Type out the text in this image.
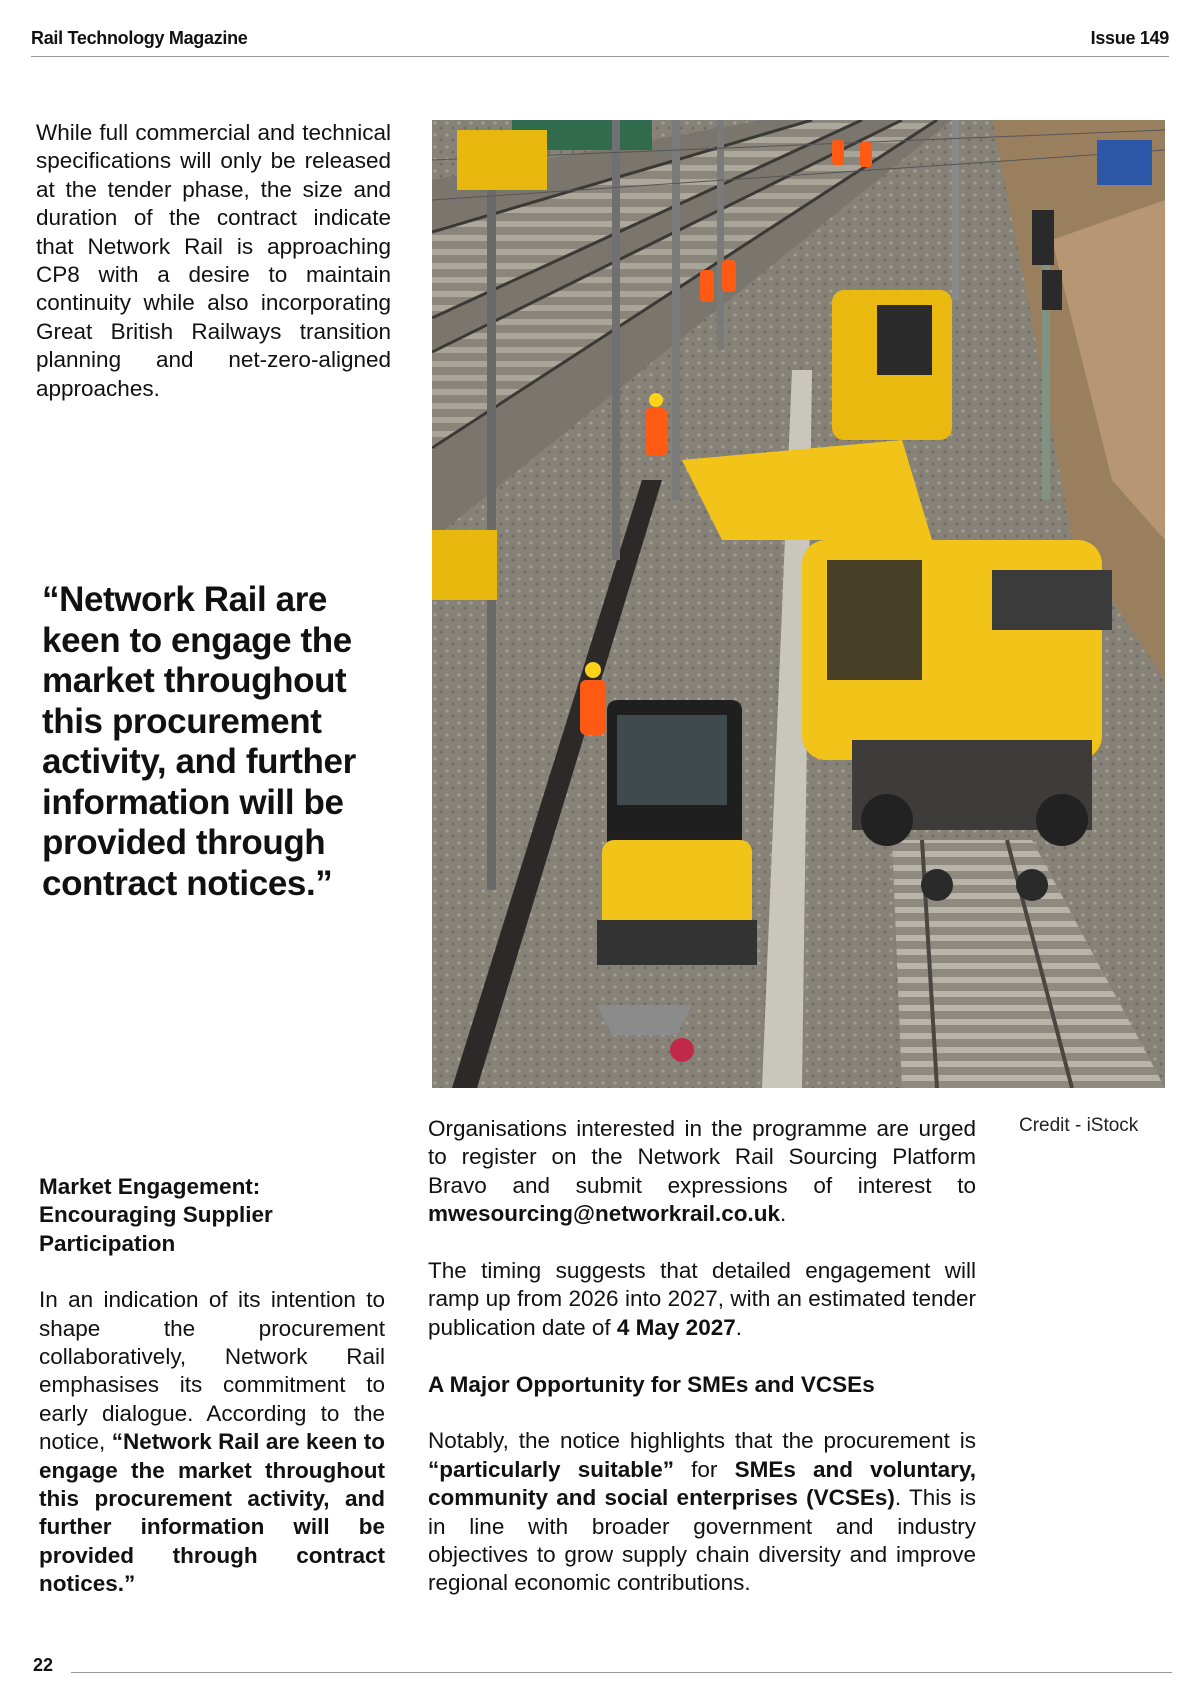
Rail Technology Magazine	Issue 149

While full commercial and technical specifications will only be released at the tender phase, the size and duration of the contract indicate that Network Rail is approaching CP8 with a desire to maintain continuity while also incorporating Great British Railways transition planning and net-zero-aligned approaches.

“Network Rail are keen to engage the market throughout this procurement activity, and further information will be provided through contract notices.”

Credit - iStock
Market Engagement: Encouraging Supplier Participation

In an indication of its intention to shape the procurement collaboratively, Network Rail emphasises its commitment to early dialogue. According to the notice, “Network Rail are keen to engage the market throughout this procurement activity, and further information will be provided through contract notices.”

Organisations interested in the programme are urged to register on the Network Rail Sourcing Platform Bravo and submit expressions of interest to mwesourcing@networkrail.co.uk.

The timing suggests that detailed engagement will ramp up from 2026 into 2027, with an estimated tender publication date of 4 May 2027.

A Major Opportunity for SMEs and VCSEs

Notably, the notice highlights that the procurement is “particularly suitable” for SMEs and voluntary, community and social enterprises (VCSEs). This is in line with broader government and industry objectives to grow supply chain diversity and improve regional economic contributions.

22
